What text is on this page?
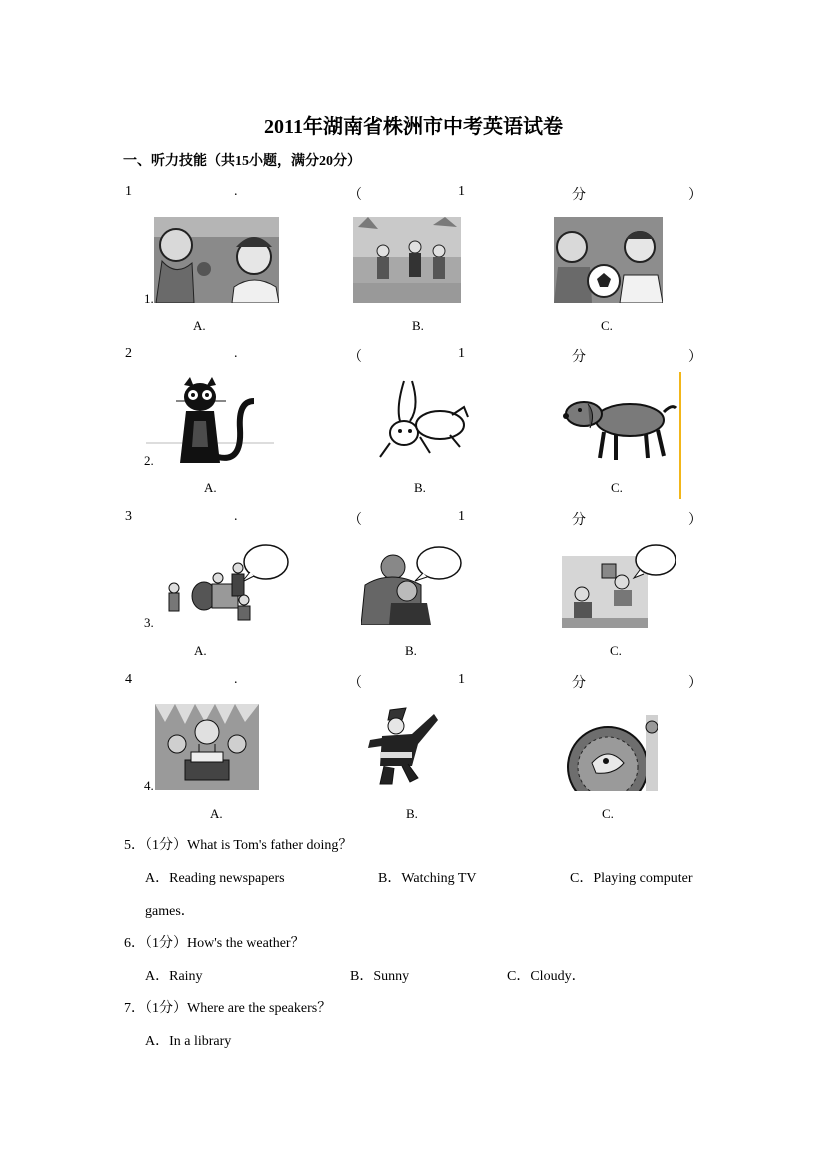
2011年湖南省株洲市中考英语试卷
一、听力技能（共15小题，满分20分）
1	.	（	1	分	）
1.
A.	B.	C.
2	.	（	1	分	）
2.
A.	B.	C.
3	.	（	1	分	）
3.
A.	B.	C.
4	.	（	1	分	）
4.
A.	B.	C.
5．（1分）What is Tom's father doing？
A．Reading newspapers	B．Watching TV	C．Playing computer
games．
6．（1分）How's the weather？
A．Rainy	B．Sunny	C．Cloudy．
7．（1分）Where are the speakers？
A．In a library
